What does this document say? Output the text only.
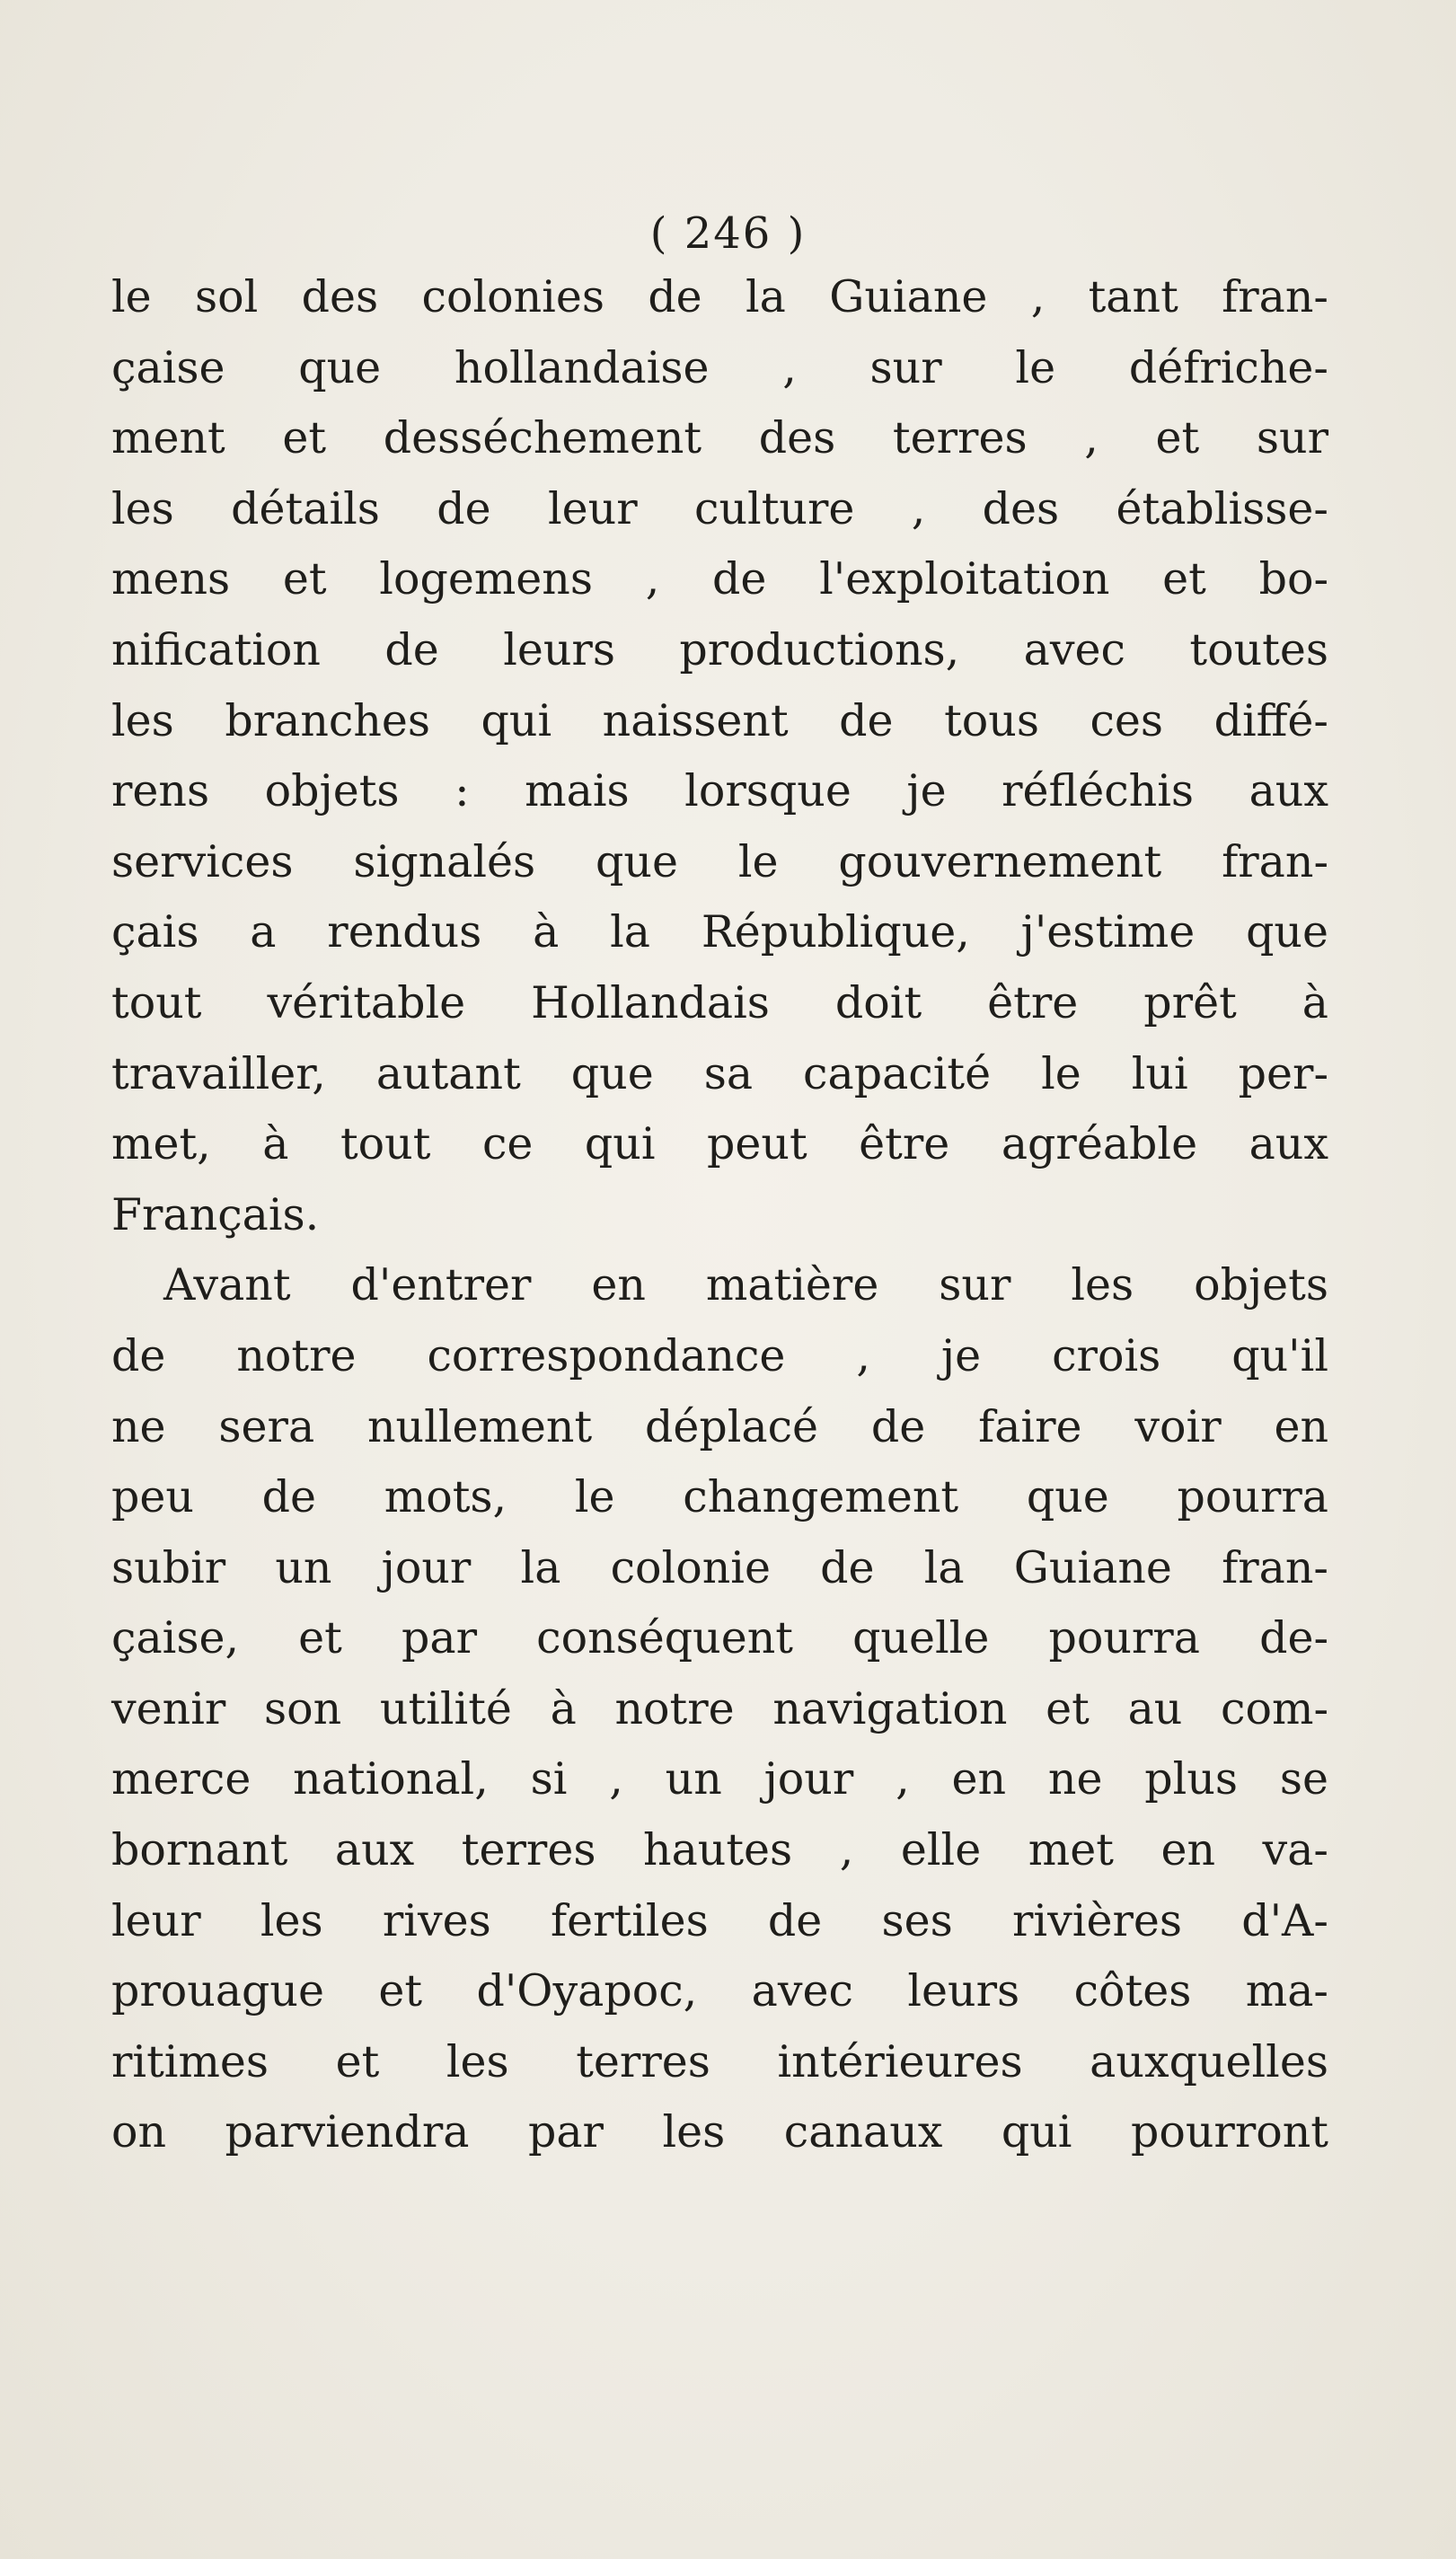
( 246 )
le sol des colonies de la Guiane , tant fran-
çaise que hollandaise , sur le défriche-
ment et desséchement des terres , et sur
les détails de leur culture , des établisse-
mens et logemens , de l'exploitation et bo-
nification de leurs productions, avec toutes
les branches qui naissent de tous ces diffé-
rens objets : mais lorsque je réfléchis aux
services signalés que le gouvernement fran-
çais a rendus à la République, j'estime que
tout véritable Hollandais doit être prêt à
travailler, autant que sa capacité le lui per-
met, à tout ce qui peut être agréable aux
Français.
Avant d'entrer en matière sur les objets
de notre correspondance , je crois qu'il
ne sera nullement déplacé de faire voir en
peu de mots, le changement que pourra
subir un jour la colonie de la Guiane fran-
çaise, et par conséquent quelle pourra de-
venir son utilité à notre navigation et au com-
merce national, si , un jour , en ne plus se
bornant aux terres hautes , elle met en va-
leur les rives fertiles de ses rivières d'A-
prouague et d'Oyapoc, avec leurs côtes ma-
ritimes et les terres intérieures auxquelles
on parviendra par les canaux qui pourront
